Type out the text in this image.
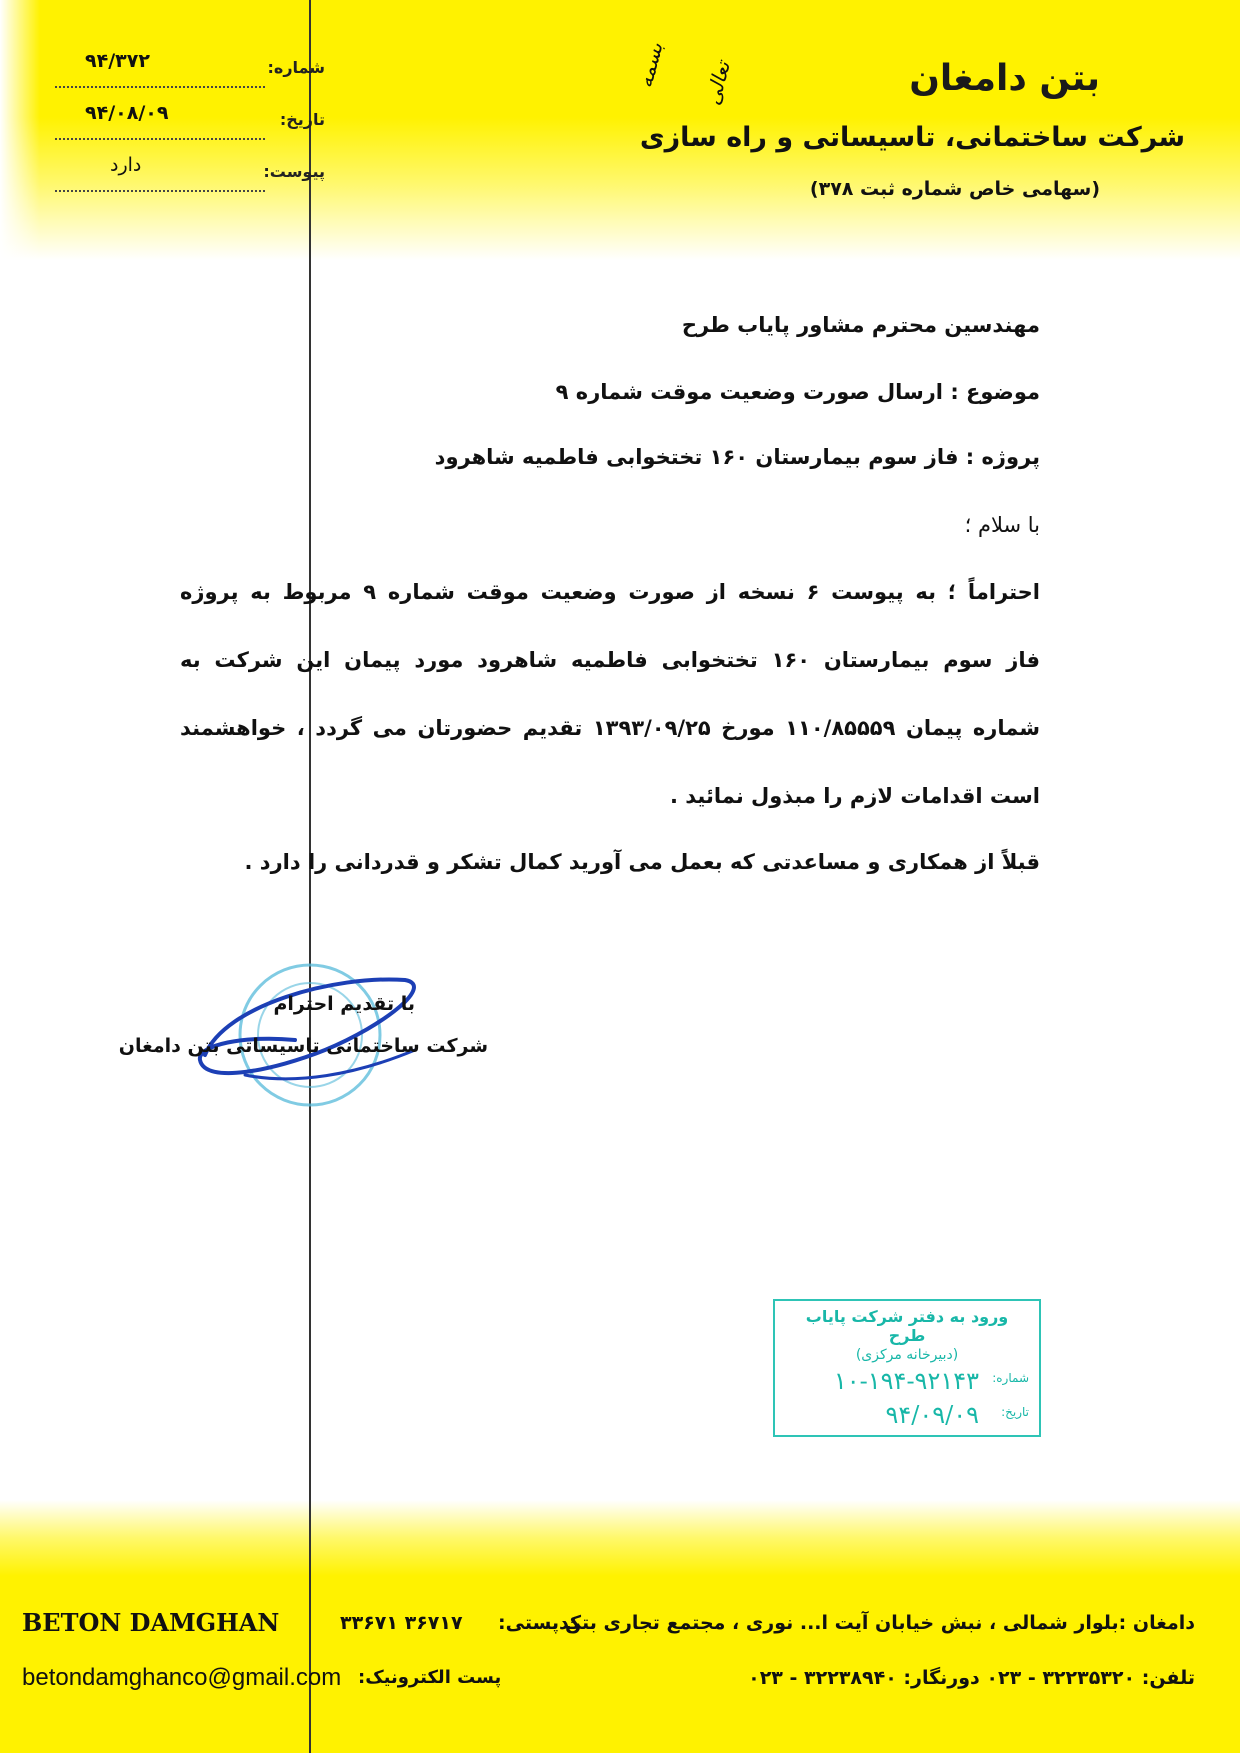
بتن دامغان
شرکت ساختمانی، تاسیساتی و راه سازی
(سهامی خاص شماره ثبت ۳۷۸)
بسمه تعالی
شماره:
۹۴/۳۷۲
تاریخ:
۹۴/۰۸/۰۹
پیوست:
دارد
مهندسین محترم مشاور پایاب طرح
موضوع : ارسال صورت وضعیت موقت شماره ۹
پروژه : فاز سوم بیمارستان ۱۶۰ تختخوابی فاطمیه شاهرود
با سلام ؛
احتراماً ؛ به پیوست ۶ نسخه از صورت وضعیت موقت شماره ۹ مربوط به پروژه
فاز سوم بیمارستان ۱۶۰ تختخوابی فاطمیه شاهرود مورد پیمان این شرکت به
شماره پیمان ۱۱۰/۸۵۵۵۹ مورخ ۱۳۹۳/۰۹/۲۵ تقدیم حضورتان می گردد ، خواهشمند
است اقدامات لازم را مبذول نمائید .
قبلاً از همکاری و مساعدتی که بعمل می آورید کمال تشکر و قدردانی را دارد .
با تقدیم احترام
شرکت ساختمانی تاسیساتی بتن دامغان
ورود به دفتر شرکت پایاب طرح
(دبیرخانه مرکزی)
شماره:
۱۰-۱۹۴-۹۲۱۴۳
تاریخ:
۹۴/۰۹/۰۹
BETON DAMGHAN
betondamghanco@gmail.com پست الکترونیک:
دامغان :بلوار شمالی ، نبش خیابان آیت ا... نوری ، مجتمع تجاری بتن
کدپستی:
۳۶۷۱۷ ۳۳۶۷۱
تلفن: ۳۲۲۳۵۳۲۰ - ۰۲۳ دورنگار: ۳۲۲۳۸۹۴۰ - ۰۲۳
